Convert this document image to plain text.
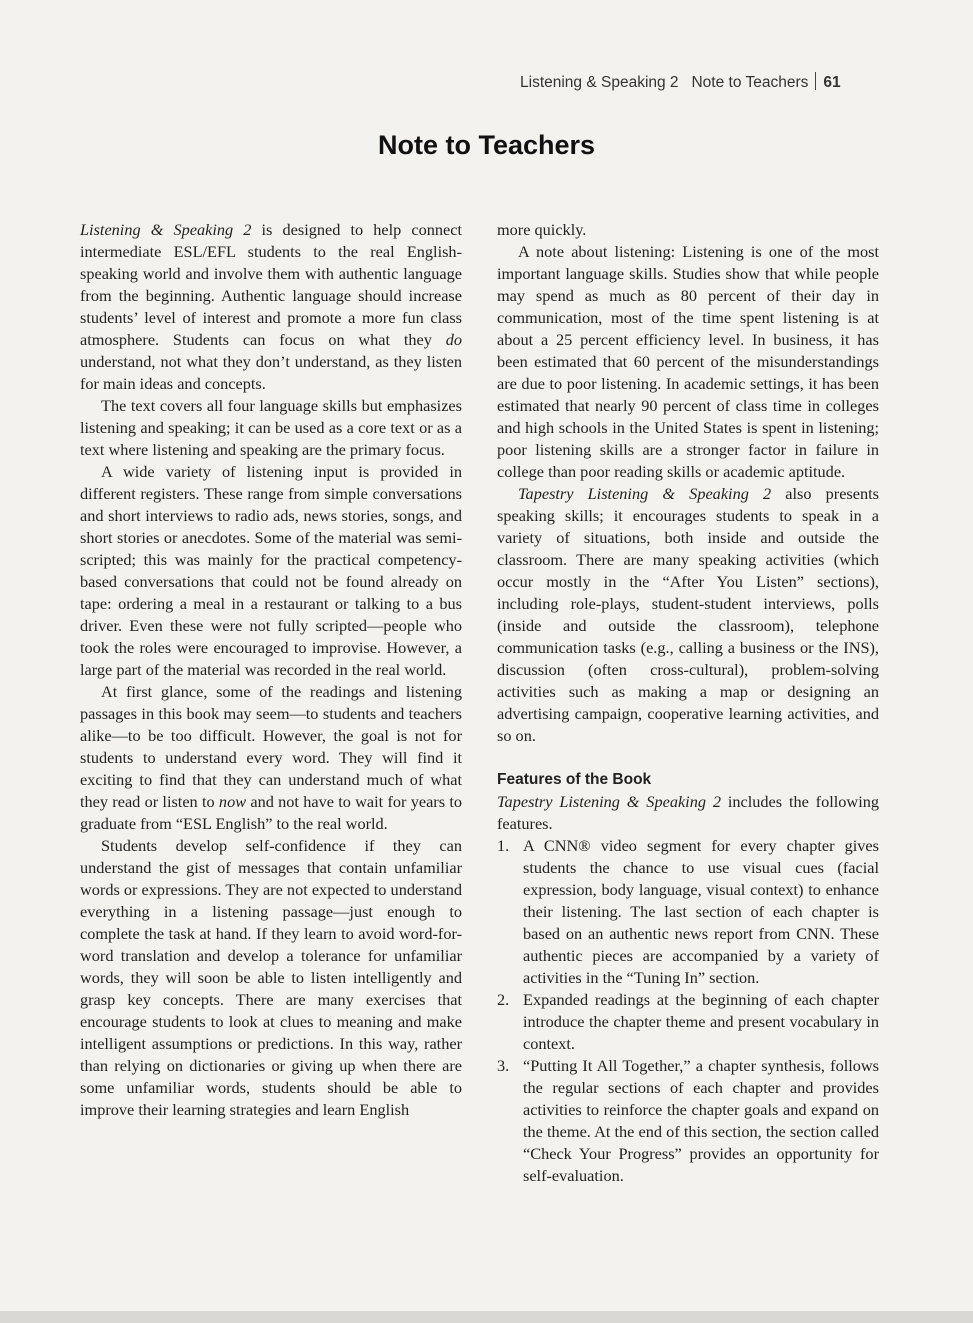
Listening & Speaking 2 Note to Teachers 61
Note to Teachers

Listening & Speaking 2 is designed to help connect intermediate ESL/EFL students to the real English-speaking world and involve them with authentic language from the beginning. Authentic language should increase students’ level of interest and promote a more fun class atmosphere. Students can focus on what they do understand, not what they don’t understand, as they listen for main ideas and concepts.

The text covers all four language skills but emphasizes listening and speaking; it can be used as a core text or as a text where listening and speaking are the primary focus.

A wide variety of listening input is provided in different registers. These range from simple conversations and short interviews to radio ads, news stories, songs, and short stories or anecdotes. Some of the material was semi-scripted; this was mainly for the practical competency-based conversations that could not be found already on tape: ordering a meal in a restaurant or talking to a bus driver. Even these were not fully scripted—people who took the roles were encouraged to improvise. However, a large part of the material was recorded in the real world.

At first glance, some of the readings and listening passages in this book may seem—to students and teachers alike—to be too difficult. However, the goal is not for students to understand every word. They will find it exciting to find that they can understand much of what they read or listen to now and not have to wait for years to graduate from “ESL English” to the real world.

Students develop self-confidence if they can understand the gist of messages that contain unfamiliar words or expressions. They are not expected to understand everything in a listening passage—just enough to complete the task at hand. If they learn to avoid word-for-word translation and develop a tolerance for unfamiliar words, they will soon be able to listen intelligently and grasp key concepts. There are many exercises that encourage students to look at clues to meaning and make intelligent assumptions or predictions. In this way, rather than relying on dictionaries or giving up when there are some unfamiliar words, students should be able to improve their learning strategies and learn English

more quickly.

A note about listening: Listening is one of the most important language skills. Studies show that while people may spend as much as 80 percent of their day in communication, most of the time spent listening is at about a 25 percent efficiency level. In business, it has been estimated that 60 percent of the misunderstandings are due to poor listening. In academic settings, it has been estimated that nearly 90 percent of class time in colleges and high schools in the United States is spent in listening; poor listening skills are a stronger factor in failure in college than poor reading skills or academic aptitude.

Tapestry Listening & Speaking 2 also presents speaking skills; it encourages students to speak in a variety of situations, both inside and outside the classroom. There are many speaking activities (which occur mostly in the “After You Listen” sections), including role-plays, student-student interviews, polls (inside and outside the classroom), telephone communication tasks (e.g., calling a business or the INS), discussion (often cross-cultural), problem-solving activities such as making a map or designing an advertising campaign, cooperative learning activities, and so on.

Features of the Book

Tapestry Listening & Speaking 2 includes the following features.

1. A CNN® video segment for every chapter gives students the chance to use visual cues (facial expression, body language, visual context) to enhance their listening. The last section of each chapter is based on an authentic news report from CNN. These authentic pieces are accompanied by a variety of activities in the “Tuning In” section.
2. Expanded readings at the beginning of each chapter introduce the chapter theme and present vocabulary in context.
3. “Putting It All Together,” a chapter synthesis, follows the regular sections of each chapter and provides activities to reinforce the chapter goals and expand on the theme. At the end of this section, the section called “Check Your Progress” provides an opportunity for self-evaluation.
